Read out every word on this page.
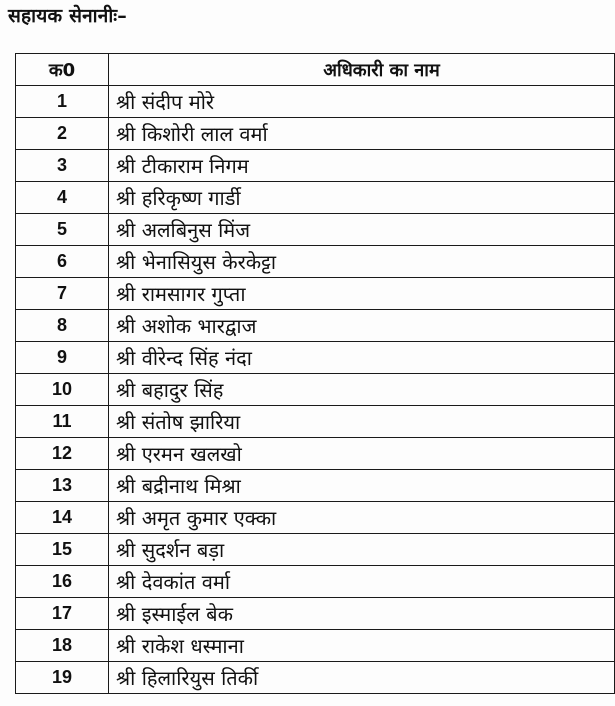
सहायक सेनानीः–
क0	अधिकारी का नाम
1	श्री संदीप मोरे
2	श्री किशोरी लाल वर्मा
3	श्री टीकाराम निगम
4	श्री हरिकृष्ण गार्डी
5	श्री अलबिनुस मिंज
6	श्री भेनासियुस केरकेट्टा
7	श्री रामसागर गुप्ता
8	श्री अशोक भारद्वाज
9	श्री वीरेन्द सिंह नंदा
10	श्री बहादुर सिंह
11	श्री संतोष झारिया
12	श्री एरमन खलखो
13	श्री बद्रीनाथ मिश्रा
14	श्री अमृत कुमार एक्का
15	श्री सुदर्शन बड़ा
16	श्री देवकांत वर्मा
17	श्री इस्माईल बेक
18	श्री राकेश धस्माना
19	श्री हिलारियुस तिर्की
